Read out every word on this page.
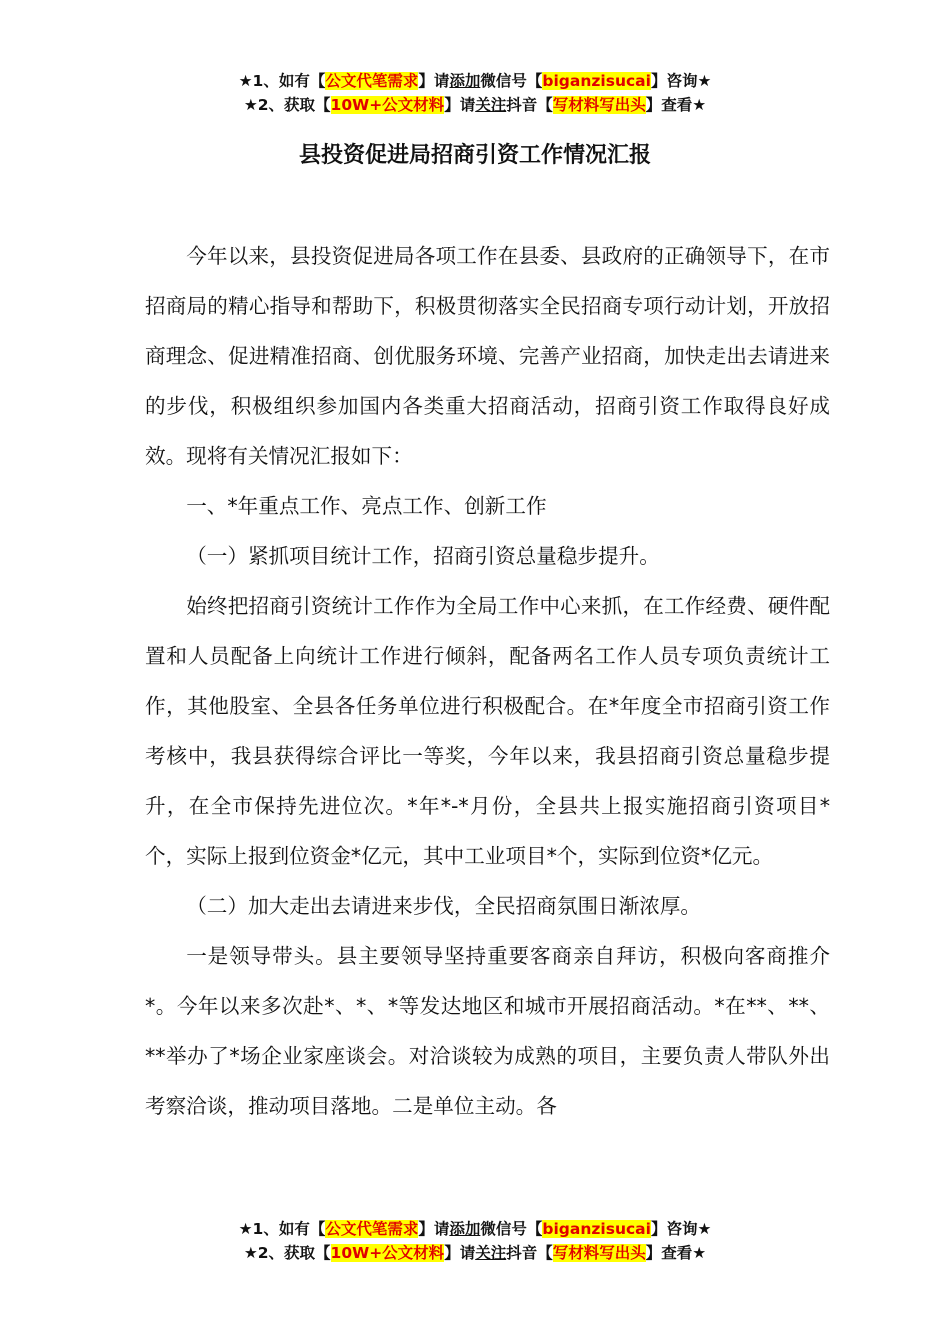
★1、如有【公文代笔需求】请添加微信号【biganzisucai】咨询★
★2、获取【10W+公文材料】请关注抖音【写材料写出头】查看★
县投资促进局招商引资工作情况汇报

今年以来，县投资促进局各项工作在县委、县政府的正确领导下，在市招商局的精心指导和帮助下，积极贯彻落实全民招商专项行动计划，开放招商理念、促进精准招商、创优服务环境、完善产业招商，加快走出去请进来的步伐，积极组织参加国内各类重大招商活动，招商引资工作取得良好成效。现将有关情况汇报如下：

一、*年重点工作、亮点工作、创新工作

（一）紧抓项目统计工作，招商引资总量稳步提升。

始终把招商引资统计工作作为全局工作中心来抓，在工作经费、硬件配置和人员配备上向统计工作进行倾斜，配备两名工作人员专项负责统计工作，其他股室、全县各任务单位进行积极配合。在*年度全市招商引资工作考核中，我县获得综合评比一等奖，今年以来，我县招商引资总量稳步提升，在全市保持先进位次。*年*-*月份，全县共上报实施招商引资项目*个，实际上报到位资金*亿元，其中工业项目*个，实际到位资*亿元。

（二）加大走出去请进来步伐，全民招商氛围日渐浓厚。

一是领导带头。县主要领导坚持重要客商亲自拜访，积极向客商推介*。今年以来多次赴*、*、*等发达地区和城市开展招商活动。*在**、**、**举办了*场企业家座谈会。对洽谈较为成熟的项目，主要负责人带队外出考察洽谈，推动项目落地。二是单位主动。各

★1、如有【公文代笔需求】请添加微信号【biganzisucai】咨询★
★2、获取【10W+公文材料】请关注抖音【写材料写出头】查看★
